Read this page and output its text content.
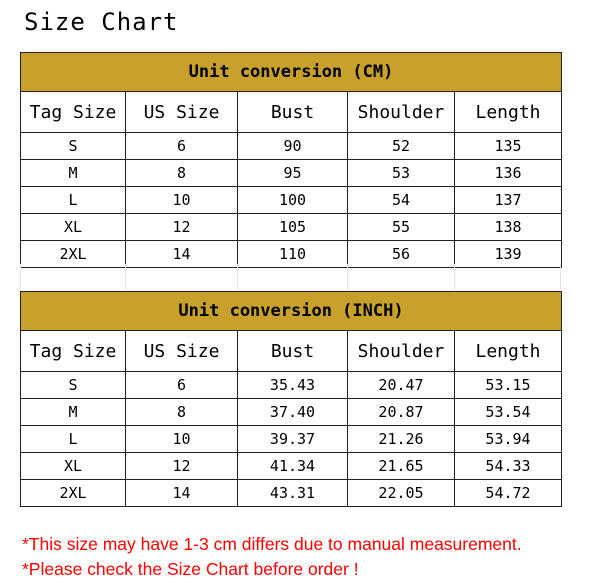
Size Chart
Unit conversion (CM)				
Tag Size	US Size	Bust	Shoulder	Length
S	6	90	52	135
M	8	95	53	136
L	10	100	54	137
XL	12	105	55	138
2XL	14	110	56	139
Unit conversion (INCH)				
Tag Size	US Size	Bust	Shoulder	Length
S	6	35.43	20.47	53.15
M	8	37.40	20.87	53.54
L	10	39.37	21.26	53.94
XL	12	41.34	21.65	54.33
2XL	14	43.31	22.05	54.72
*This size may have 1-3 cm differs due to manual measurement.
*Please check the Size Chart before order !
